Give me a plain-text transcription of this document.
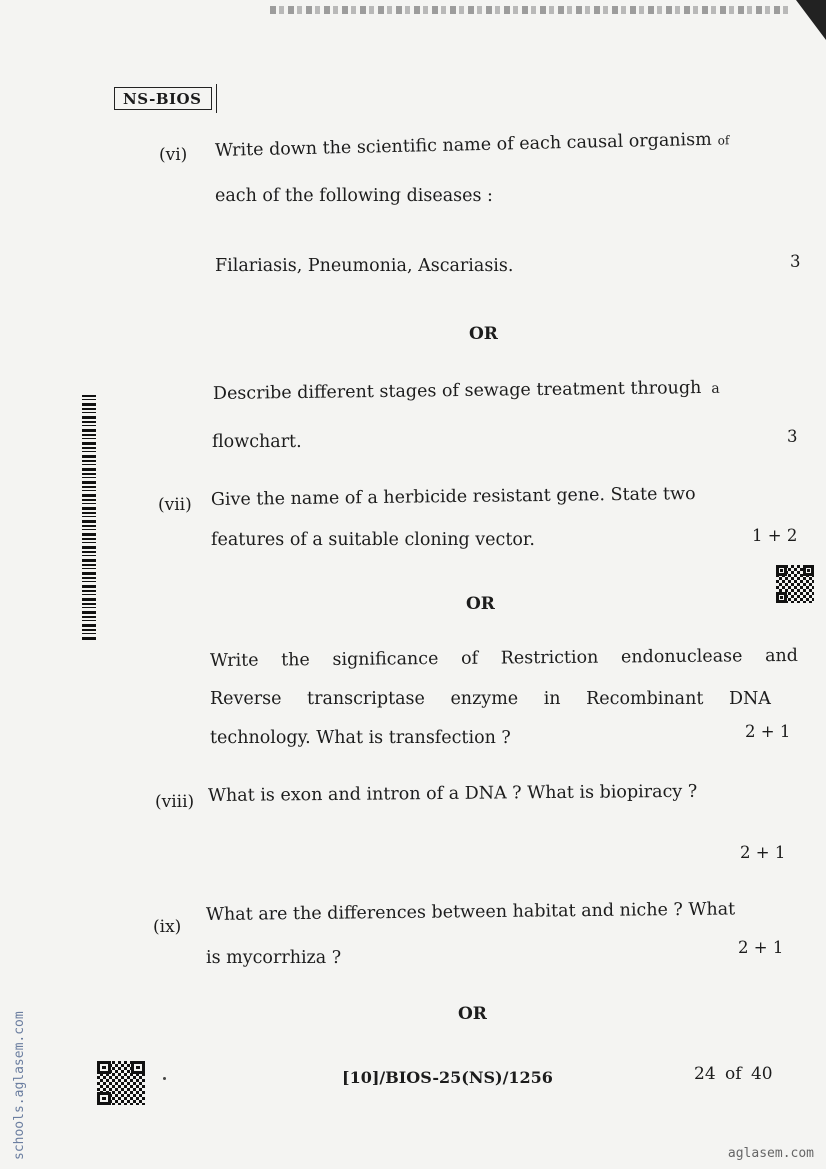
NS-BIOS
(vi) Write down the scientific name of each causal organism of
each of the following diseases :
Filariasis, Pneumonia, Ascariasis.	3
OR
Describe different stages of sewage treatment through a
flowchart.	3
(vii) Give the name of a herbicide resistant gene. State two
features of a suitable cloning vector.	1 + 2
OR
Write the significance of Restriction endonuclease and
Reverse transcriptase enzyme in Recombinant DNA
technology. What is transfection ?	2 + 1
(viii) What is exon and intron of a DNA ? What is biopiracy ?
2 + 1
(ix)
What are the differences between habitat and niche ? What
is mycorrhiza ?
2 + 1
OR
[10]/BIOS-25(NS)/1256	24 of 40
schools.aglasem.com	aglasem.com
